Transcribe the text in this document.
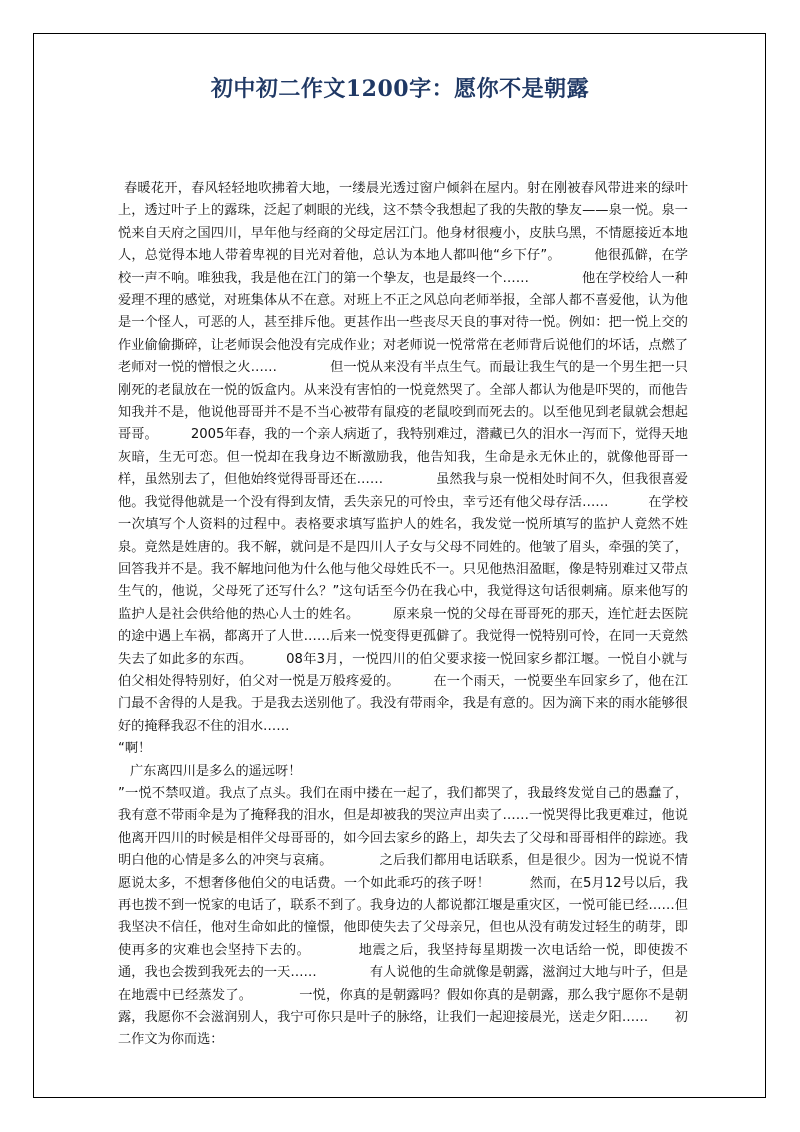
初中初二作文1200字：愿你不是朝露

春暖花开，春风轻轻地吹拂着大地，一缕晨光透过窗户倾斜在屋内。射在刚被春风带进来的绿叶上，透过叶子上的露珠，泛起了刺眼的光线，这不禁令我想起了我的失散的挚友——泉一悦。泉一悦来自天府之国四川，早年他与经商的父母定居江门。他身材很瘦小，皮肤乌黑，不情愿接近本地人，总觉得本地人带着卑视的目光对着他，总认为本地人都叫他“乡下仔”。　　　他很孤僻，在学校一声不响。唯独我，我是他在江门的第一个挚友，也是最终一个……　　　　他在学校给人一种爱理不理的感觉，对班集体从不在意。对班上不正之风总向老师举报，全部人都不喜爱他，认为他是一个怪人，可恶的人，甚至排斥他。更甚作出一些丧尽天良的事对待一悦。例如：把一悦上交的作业偷偷撕碎，让老师误会他没有完成作业；对老师说一悦常常在老师背后说他们的坏话，点燃了老师对一悦的憎恨之火……　　　　但一悦从来没有半点生气。而最让我生气的是一个男生把一只刚死的老鼠放在一悦的饭盒内。从来没有害怕的一悦竟然哭了。全部人都认为他是吓哭的，而他告知我并不是，他说他哥哥并不是不当心被带有鼠疫的老鼠咬到而死去的。以至他见到老鼠就会想起哥哥。　　　2005年春，我的一个亲人病逝了，我特别难过，潜藏已久的泪水一泻而下，觉得天地灰暗，生无可恋。但一悦却在我身边不断激励我，他告知我，生命是永无休止的，就像他哥哥一样，虽然别去了，但他始终觉得哥哥还在……　　　　虽然我与泉一悦相处时间不久，但我很喜爱他。我觉得他就是一个没有得到友情，丢失亲兄的可怜虫，幸亏还有他父母存活……　　　在学校一次填写个人资料的过程中。表格要求填写监护人的姓名，我发觉一悦所填写的监护人竟然不姓泉。竟然是姓唐的。我不解，就问是不是四川人子女与父母不同姓的。他皱了眉头，牵强的笑了，回答我并不是。我不解地问他为什么他与他父母姓氏不一。只见他热泪盈眶，像是特别难过又带点生气的，他说，父母死了还写什么？”这句话至今仍在我心中，我觉得这句话很刺痛。原来他写的监护人是社会供给他的热心人士的姓名。　　　原来泉一悦的父母在哥哥死的那天，连忙赶去医院的途中遇上车祸，都离开了人世……后来一悦变得更孤僻了。我觉得一悦特别可怜，在同一天竟然失去了如此多的东西。　　　08年3月，一悦四川的伯父要求接一悦回家乡都江堰。一悦自小就与伯父相处得特别好，伯父对一悦是万般疼爱的。　　　在一个雨天，一悦要坐车回家乡了，他在江门最不舍得的人是我。于是我去送别他了。我没有带雨伞，我是有意的。因为滴下来的雨水能够很好的掩释我忍不住的泪水……

“啊！

广东离四川是多么的遥远呀！

”一悦不禁叹道。我点了点头。我们在雨中搂在一起了，我们都哭了，我最终发觉自己的愚蠢了，我有意不带雨伞是为了掩释我的泪水，但是却被我的哭泣声出卖了……一悦哭得比我更难过，他说他离开四川的时候是相伴父母哥哥的，如今回去家乡的路上，却失去了父母和哥哥相伴的踪迹。我明白他的心情是多么的冲突与哀痛。　　　　之后我们都用电话联系，但是很少。因为一悦说不情愿说太多，不想奢侈他伯父的电话费。一个如此乖巧的孩子呀！　　　然而，在5月12号以后，我再也拨不到一悦家的电话了，联系不到了。我身边的人都说都江堰是重灾区，一悦可能已经……但我坚决不信任，他对生命如此的憧憬，他即使失去了父母亲兄，但也从没有萌发过轻生的萌芽，即使再多的灾难也会坚持下去的。　　　　地震之后，我坚持每星期拨一次电话给一悦，即使拨不通，我也会拨到我死去的一天……　　　　有人说他的生命就像是朝露，滋润过大地与叶子，但是在地震中已经蒸发了。　　　　一悦，你真的是朝露吗？假如你真的是朝露，那么我宁愿你不是朝露，我愿你不会滋润别人，我宁可你只是叶子的脉络，让我们一起迎接晨光，送走夕阳……　　初二作文为你而选：
